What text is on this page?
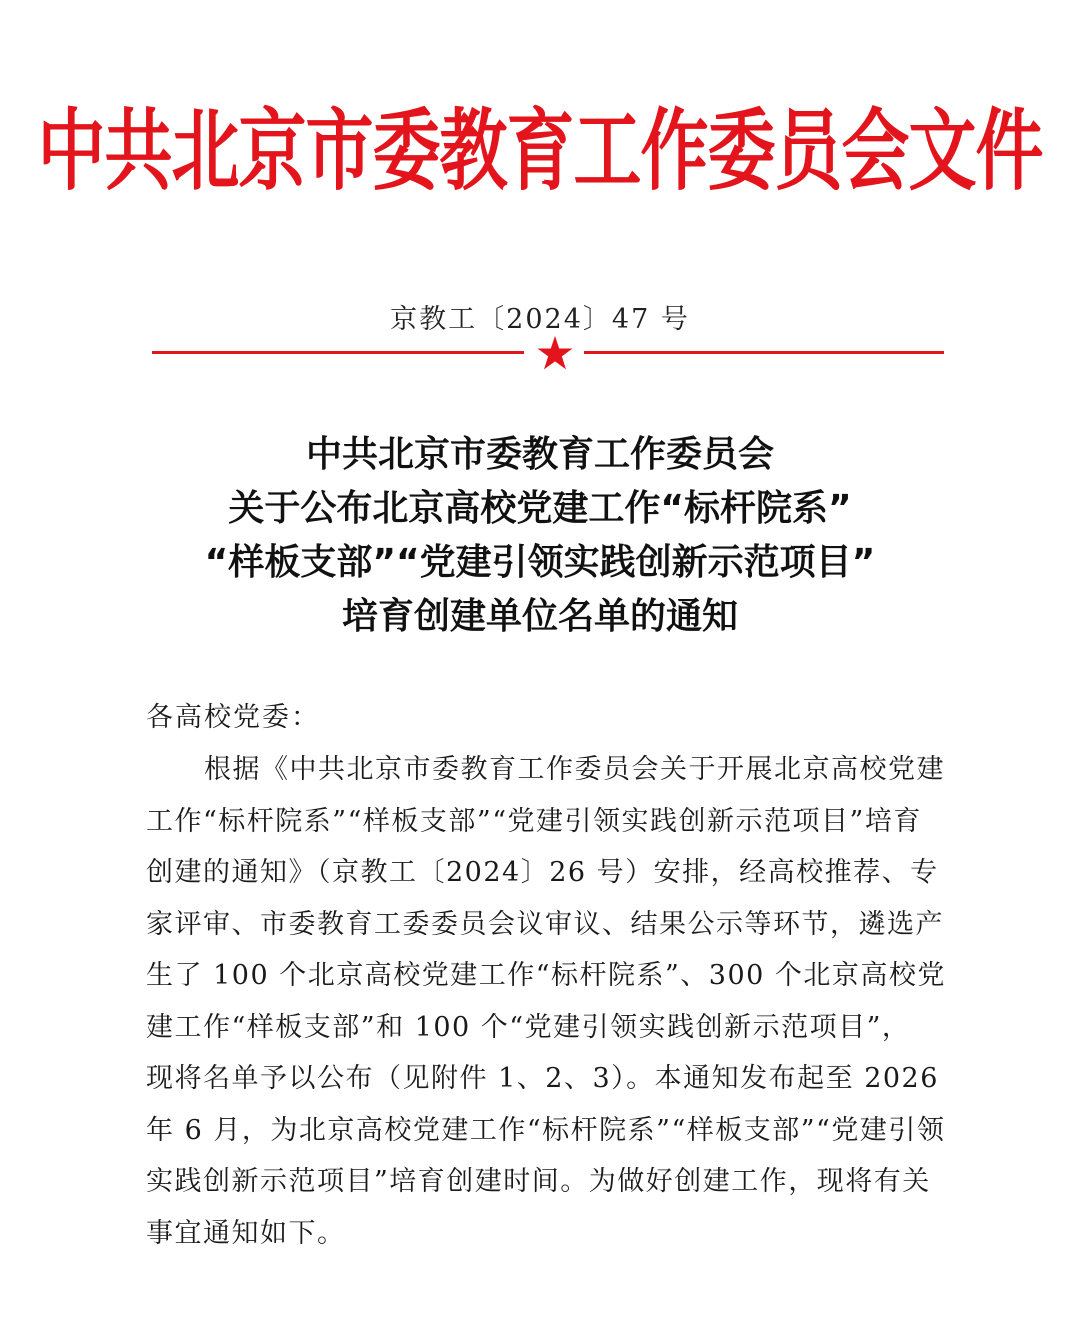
中共北京市委教育工作委员会文件
京教工〔2024〕47 号
中共北京市委教育工作委员会
关于公布北京高校党建工作“标杆院系”
“样板支部”“党建引领实践创新示范项目”
培育创建单位名单的通知
各高校党委：
根据《中共北京市委教育工作委员会关于开展北京高校党建
工作“标杆院系”“样板支部”“党建引领实践创新示范项目”培育
创建的通知》（京教工〔2024〕26 号）安排，经高校推荐、专
家评审、市委教育工委委员会议审议、结果公示等环节，遴选产
生了 100 个北京高校党建工作“标杆院系”、300 个北京高校党
建工作“样板支部”和 100 个“党建引领实践创新示范项目”，
现将名单予以公布（见附件 1、2、3）。本通知发布起至 2026
年 6 月，为北京高校党建工作“标杆院系”“样板支部”“党建引领
实践创新示范项目”培育创建时间。为做好创建工作，现将有关
事宜通知如下。
